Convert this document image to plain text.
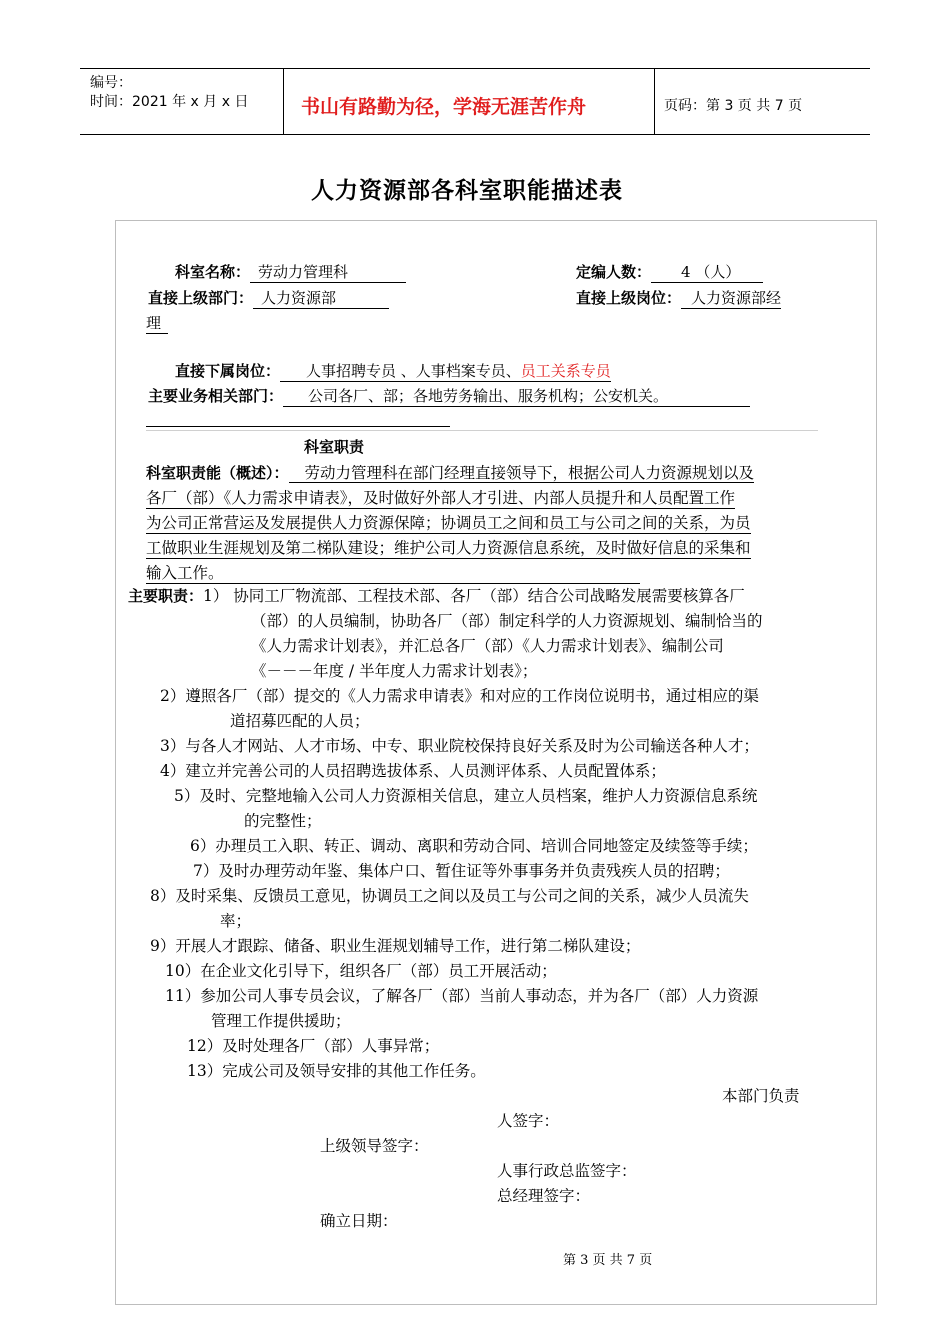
编号：
时间：2021 年 x 月 x 日	书山有路勤为径，学海无涯苦作舟	页码：第 3 页 共 7 页
人力资源部各科室职能描述表
科室名称： 劳动力管理科	定编人数： 4 （人）
直接上级部门： 人力资源部	直接上级岗位： 人力资源部经
理
直接下属岗位： 人事招聘专员 、人事档案专员、员工关系专员
主要业务相关部门： 公司各厂、部；各地劳务输出、服务机构；公安机关。
科室职责
科室职责能（概述）： 劳动力管理科在部门经理直接领导下，根据公司人力资源规划以及
各厂（部）《人力需求申请表》，及时做好外部人才引进、内部人员提升和人员配置工作
为公司正常营运及发展提供人力资源保障；协调员工之间和员工与公司之间的关系，为员
工做职业生涯规划及第二梯队建设；维护公司人力资源信息系统，及时做好信息的采集和
输入工作。
主要职责：1） 协同工厂物流部、工程技术部、各厂（部）结合公司战略发展需要核算各厂
（部）的人员编制，协助各厂（部）制定科学的人力资源规划、编制恰当的
《人力需求计划表》，并汇总各厂（部）《人力需求计划表》、编制公司
《－－－年度 / 半年度人力需求计划表》；
2）遵照各厂（部）提交的《人力需求申请表》和对应的工作岗位说明书，通过相应的渠
道招募匹配的人员；
3）与各人才网站、人才市场、中专、职业院校保持良好关系及时为公司输送各种人才；
4）建立并完善公司的人员招聘选拔体系、人员测评体系、人员配置体系；
5）及时、完整地输入公司人力资源相关信息，建立人员档案，维护人力资源信息系统
的完整性；
6）办理员工入职、转正、调动、离职和劳动合同、培训合同地签定及续签等手续；
7）及时办理劳动年鉴、集体户口、暂住证等外事事务并负责残疾人员的招聘；
8）及时采集、反馈员工意见，协调员工之间以及员工与公司之间的关系，减少人员流失
率；
9）开展人才跟踪、储备、职业生涯规划辅导工作，进行第二梯队建设；
10）在企业文化引导下，组织各厂（部）员工开展活动；
11）参加公司人事专员会议，了解各厂（部）当前人事动态，并为各厂（部）人力资源
管理工作提供援助；
12）及时处理各厂（部）人事异常；
13）完成公司及领导安排的其他工作任务。
本部门负责
人签字：
上级领导签字：
人事行政总监签字：
总经理签字：
确立日期：
第 3 页 共 7 页
